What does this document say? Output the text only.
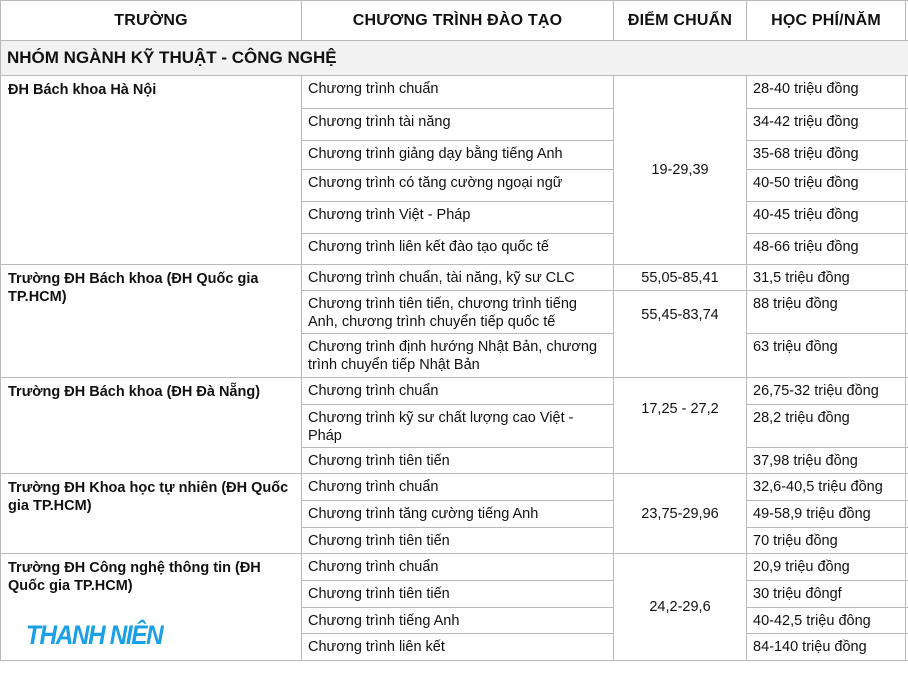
TRƯỜNG	CHƯƠNG TRÌNH ĐÀO TẠO	ĐIỂM CHUẨN	HỌC PHÍ/NĂM	
NHÓM NGÀNH KỸ THUẬT - CÔNG NGHỆ				
ĐH Bách khoa Hà Nội	Chương trình chuẩn	19-29,39	28-40 triệu đồng	
	Chương trình tài năng		34-42 triệu đồng	
	Chương trình giảng dạy bằng tiếng Anh		35-68 triệu đồng	
	Chương trình có tăng cường ngoại ngữ		40-50 triệu đồng	
	Chương trình Việt - Pháp		40-45 triệu đồng	
	Chương trình liên kết đào tạo quốc tế		48-66 triệu đồng	
Trường ĐH Bách khoa (ĐH Quốc gia TP.HCM)	Chương trình chuẩn, tài năng, kỹ sư CLC	55,05-85,41	31,5 triệu đồng	
	Chương trình tiên tiến, chương trình tiếng Anh, chương trình chuyển tiếp quốc tế	55,45-83,74	88 triệu đồng	
	Chương trình định hướng Nhật Bản, chương trình chuyển tiếp Nhật Bản		63 triệu đồng	
Trường ĐH Bách khoa (ĐH Đà Nẵng)	Chương trình chuẩn	17,25 - 27,2	26,75-32 triệu đồng	
	Chương trình kỹ sư chất lượng cao Việt - Pháp		28,2 triệu đồng	
	Chương trình tiên tiến		37,98 triệu đồng	
Trường ĐH Khoa học tự nhiên (ĐH Quốc gia TP.HCM)	Chương trình chuẩn	23,75-29,96	32,6-40,5 triệu đồng	
	Chương trình tăng cường tiếng Anh		49-58,9 triệu đồng	
	Chương trình tiên tiến		70 triệu đồng	
Trường ĐH Công nghệ thông tin (ĐH Quốc gia TP.HCM)	Chương trình chuẩn	24,2-29,6	20,9 triệu đồng	
	Chương trình tiên tiến		30 triệu đôngf	
	Chương trình tiếng Anh		40-42,5 triệu đông	
	Chương trình liên kết		84-140 triệu đồng	
THANH NIÊN
